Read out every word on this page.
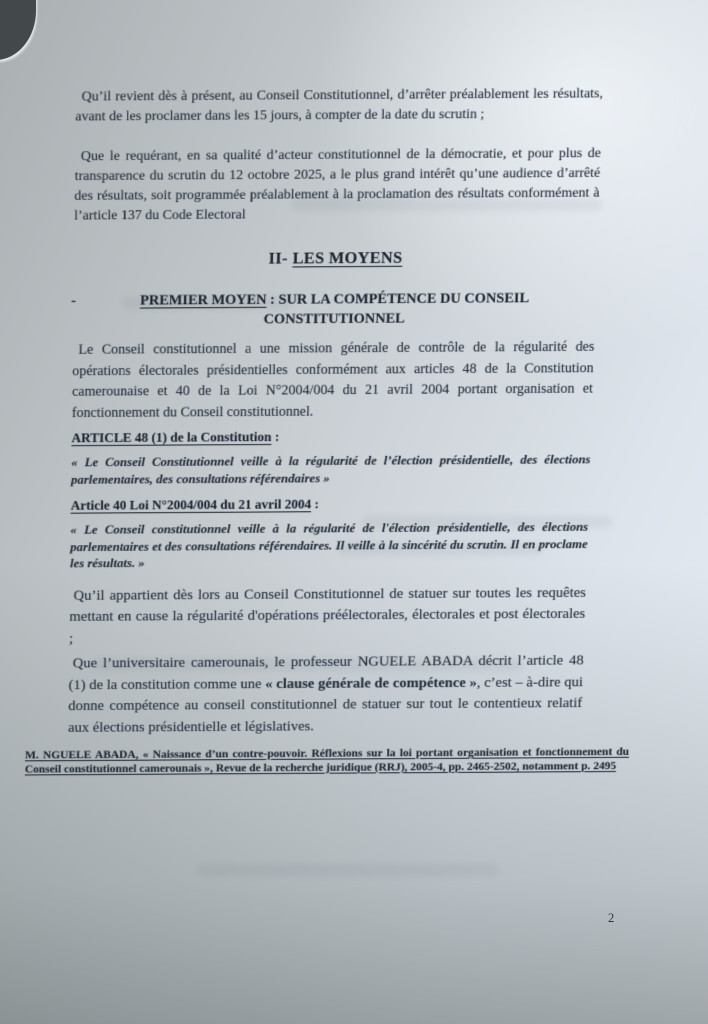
Qu’il revient dès à présent, au Conseil Constitutionnel, d’arrêter préalablement les résultats, avant de les proclamer dans les 15 jours, à compter de la date du scrutin ;

Que le requérant, en sa qualité d’acteur constitutionnel de la démocratie, et pour plus de transparence du scrutin du 12 octobre 2025, a le plus grand intérêt qu’une audience d’arrêté des résultats, soit programmée préalablement à la proclamation des résultats conformément à l’article 137 du Code Electoral

II- LES MOYENS
-	PREMIER MOYEN : SUR LA COMPÉTENCE DU CONSEIL CONSTITUTIONNEL

Le Conseil constitutionnel a une mission générale de contrôle de la régularité des opérations électorales présidentielles conformément aux articles 48 de la Constitution camerounaise et 40 de la Loi N°2004/004 du 21 avril 2004 portant organisation et fonctionnement du Conseil constitutionnel.

ARTICLE 48 (1) de la Constitution :

« Le Conseil Constitutionnel veille à la régularité de l’élection présidentielle, des élections parlementaires, des consultations référendaires »

Article 40 Loi N°2004/004 du 21 avril 2004 :

« Le Conseil constitutionnel veille à la régularité de l'élection présidentielle, des élections parlementaires et des consultations référendaires. Il veille à la sincérité du scrutin. Il en proclame les résultats. »

Qu’il appartient dès lors au Conseil Constitutionnel de statuer sur toutes les requêtes mettant en cause la régularité d'opérations préélectorales, électorales et post électorales ;

Que l’universitaire camerounais, le professeur NGUELE ABADA décrit l’article 48 (1) de la constitution comme une « clause générale de compétence », c’est – à-dire qui donne compétence au conseil constitutionnel de statuer sur tout le contentieux relatif aux élections présidentielle et législatives.

M. NGUELE ABADA, « Naissance d’un contre-pouvoir. Réflexions sur la loi portant organisation et fonctionnement du Conseil constitutionnel camerounais », Revue de la recherche juridique (RRJ), 2005-4, pp. 2465-2502, notamment p. 2495

2
